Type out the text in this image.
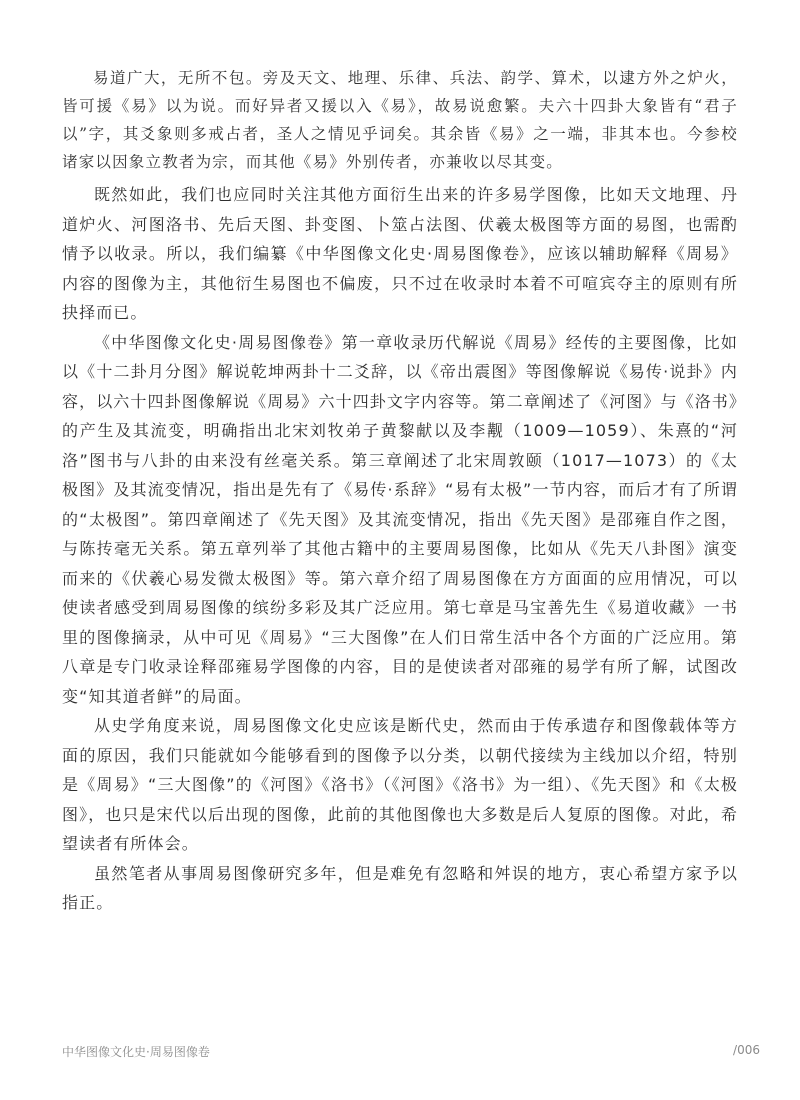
易道广大，无所不包。旁及天文、地理、乐律、兵法、韵学、算术，以逮方外之炉火，皆可援《易》以为说。而好异者又援以入《易》，故易说愈繁。夫六十四卦大象皆有“君子以”字，其爻象则多戒占者，圣人之情见乎词矣。其余皆《易》之一端，非其本也。今参校诸家以因象立教者为宗，而其他《易》外别传者，亦兼收以尽其变。

既然如此，我们也应同时关注其他方面衍生出来的许多易学图像，比如天文地理、丹道炉火、河图洛书、先后天图、卦变图、卜筮占法图、伏羲太极图等方面的易图，也需酌情予以收录。所以，我们编纂《中华图像文化史·周易图像卷》，应该以辅助解释《周易》内容的图像为主，其他衍生易图也不偏废，只不过在收录时本着不可喧宾夺主的原则有所抉择而已。

《中华图像文化史·周易图像卷》第一章收录历代解说《周易》经传的主要图像，比如以《十二卦月分图》解说乾坤两卦十二爻辞，以《帝出震图》等图像解说《易传·说卦》内容，以六十四卦图像解说《周易》六十四卦文字内容等。第二章阐述了《河图》与《洛书》的产生及其流变，明确指出北宋刘牧弟子黄黎献以及李觏（1009—1059）、朱熹的“河洛”图书与八卦的由来没有丝毫关系。第三章阐述了北宋周敦颐（1017—1073）的《太极图》及其流变情况，指出是先有了《易传·系辞》“易有太极”一节内容，而后才有了所谓的“太极图”。第四章阐述了《先天图》及其流变情况，指出《先天图》是邵雍自作之图，与陈抟毫无关系。第五章列举了其他古籍中的主要周易图像，比如从《先天八卦图》演变而来的《伏羲心易发微太极图》等。第六章介绍了周易图像在方方面面的应用情况，可以使读者感受到周易图像的缤纷多彩及其广泛应用。第七章是马宝善先生《易道收藏》一书里的图像摘录，从中可见《周易》“三大图像”在人们日常生活中各个方面的广泛应用。第八章是专门收录诠释邵雍易学图像的内容，目的是使读者对邵雍的易学有所了解，试图改变“知其道者鲜”的局面。

从史学角度来说，周易图像文化史应该是断代史，然而由于传承遗存和图像载体等方面的原因，我们只能就如今能够看到的图像予以分类，以朝代接续为主线加以介绍，特别是《周易》“三大图像”的《河图》《洛书》（《河图》《洛书》为一组）、《先天图》和《太极图》，也只是宋代以后出现的图像，此前的其他图像也大多数是后人复原的图像。对此，希望读者有所体会。

虽然笔者从事周易图像研究多年，但是难免有忽略和舛误的地方，衷心希望方家予以指正。

中华图像文化史·周易图像卷	/006
